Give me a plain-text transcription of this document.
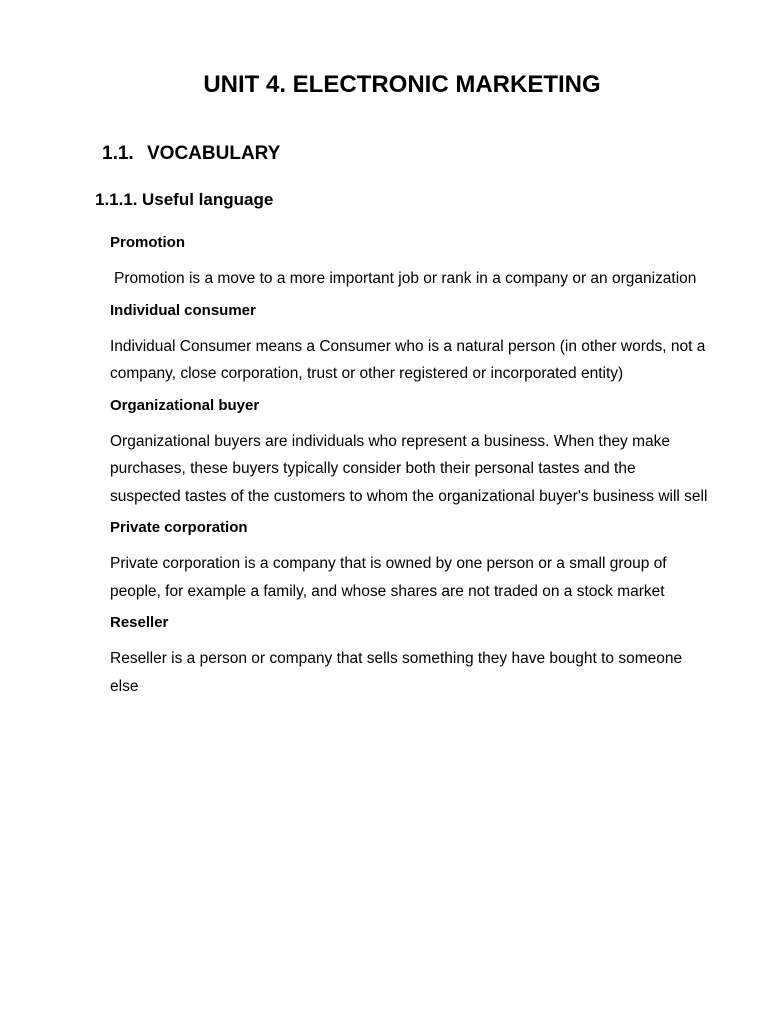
UNIT 4. ELECTRONIC MARKETING
1.1. VOCABULARY
1.1.1. Useful language

Promotion

Promotion is a move to a more important job or rank in a company or an organization

Individual consumer

Individual Consumer means a Consumer who is a natural person (in other words, not a company, close corporation, trust or other registered or incorporated entity)

Organizational buyer

Organizational buyers are individuals who represent a business. When they make purchases, these buyers typically consider both their personal tastes and the suspected tastes of the customers to whom the organizational buyer's business will sell

Private corporation

Private corporation is a company that is owned by one person or a small group of people, for example a family, and whose shares are not traded on a stock market

Reseller

Reseller is a person or company that sells something they have bought to someone else
